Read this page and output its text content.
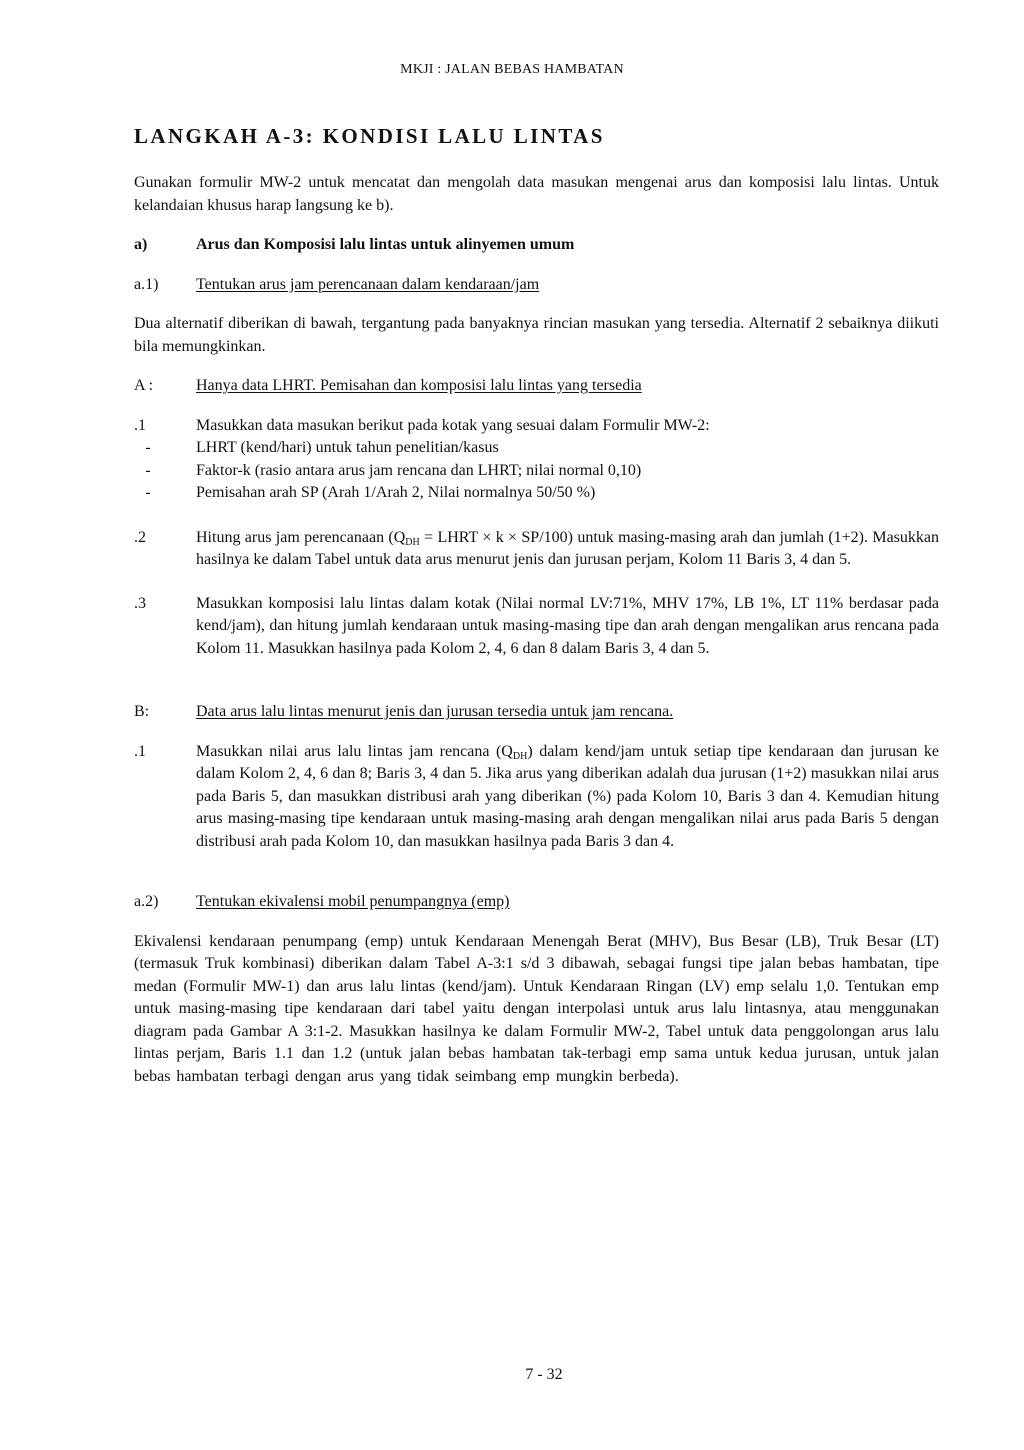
MKJI : JALAN BEBAS HAMBATAN
LANGKAH A-3: KONDISI LALU LINTAS

Gunakan formulir MW-2 untuk mencatat dan mengolah data masukan mengenai arus dan komposisi lalu lintas. Untuk kelandaian khusus harap langsung ke b).

a)	Arus dan Komposisi lalu lintas untuk alinyemen umum
a.1)	Tentukan arus jam perencanaan dalam kendaraan/jam

Dua alternatif diberikan di bawah, tergantung pada banyaknya rincian masukan yang tersedia. Alternatif 2 sebaiknya diikuti bila memungkinkan.

A :	Hanya data LHRT. Pemisahan dan komposisi lalu lintas yang tersedia
.1	Masukkan data masukan berikut pada kotak yang sesuai dalam Formulir MW-2:
-	LHRT (kend/hari) untuk tahun penelitian/kasus
-	Faktor-k (rasio antara arus jam rencana dan LHRT; nilai normal 0,10)
-	Pemisahan arah SP (Arah 1/Arah 2, Nilai normalnya 50/50 %)
.2	Hitung arus jam perencanaan ($Q_{DH}$ = LHRT × k × SP/100) untuk masing-masing arah dan jumlah (1+2). Masukkan hasilnya ke dalam Tabel untuk data arus menurut jenis dan jurusan perjam, Kolom 11 Baris 3, 4 dan 5.
.3	Masukkan komposisi lalu lintas dalam kotak (Nilai normal LV:71%, MHV 17%, LB 1%, LT 11% berdasar pada kend/jam), dan hitung jumlah kendaraan untuk masing-masing tipe dan arah dengan mengalikan arus rencana pada Kolom 11. Masukkan hasilnya pada Kolom 2, 4, 6 dan 8 dalam Baris 3, 4 dan 5.
B:	Data arus lalu lintas menurut jenis dan jurusan tersedia untuk jam rencana.
.1	Masukkan nilai arus lalu lintas jam rencana $(Q_{DH})$ dalam kend/jam untuk setiap tipe kendaraan dan jurusan ke dalam Kolom 2, 4, 6 dan 8; Baris 3, 4 dan 5. Jika arus yang diberikan adalah dua jurusan (1+2) masukkan nilai arus pada Baris 5, dan masukkan distribusi arah yang diberikan (%) pada Kolom 10, Baris 3 dan 4. Kemudian hitung arus masing-masing tipe kendaraan untuk masing-masing arah dengan mengalikan nilai arus pada Baris 5 dengan distribusi arah pada Kolom 10, dan masukkan hasilnya pada Baris 3 dan 4.
a.2)	Tentukan ekivalensi mobil penumpangnya (emp)

Ekivalensi kendaraan penumpang (emp) untuk Kendaraan Menengah Berat (MHV), Bus Besar (LB), Truk Besar (LT) (termasuk Truk kombinasi) diberikan dalam Tabel A-3:1 s/d 3 dibawah, sebagai fungsi tipe jalan bebas hambatan, tipe medan (Formulir MW-1) dan arus lalu lintas (kend/jam). Untuk Kendaraan Ringan (LV) emp selalu 1,0. Tentukan emp untuk masing-masing tipe kendaraan dari tabel yaitu dengan interpolasi untuk arus lalu lintasnya, atau menggunakan diagram pada Gambar A 3:1-2. Masukkan hasilnya ke dalam Formulir MW-2, Tabel untuk data penggolongan arus lalu lintas perjam, Baris 1.1 dan 1.2 (untuk jalan bebas hambatan tak-terbagi emp sama untuk kedua jurusan, untuk jalan bebas hambatan terbagi dengan arus yang tidak seimbang emp mungkin berbeda).

7 - 32
